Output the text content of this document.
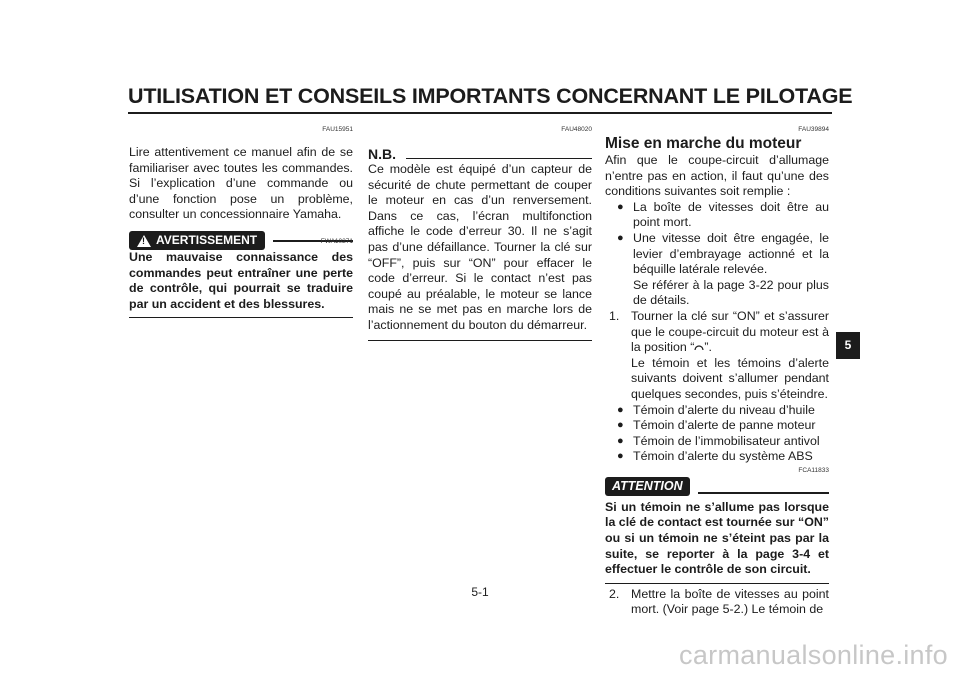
UTILISATION ET CONSEILS IMPORTANTS CONCERNANT LE PILOTAGE
FAU15951

Lire attentivement ce manuel afin de se familiariser avec toutes les commandes. Si l’explication d’une commande ou d’une fonction pose un problème, consulter un concessionnaire Yamaha.

!
AVERTISSEMENT	FWA10271

Une mauvaise connaissance des commandes peut entraîner une perte de contrôle, qui pourrait se traduire par un accident et des blessures.

FAU48020
N.B.

Ce modèle est équipé d’un capteur de sécurité de chute permettant de couper le moteur en cas d’un renversement. Dans ce cas, l’écran multifonction affiche le code d’erreur 30. Il ne s’agit pas d’une défaillance. Tourner la clé sur “OFF”, puis sur “ON” pour effacer le code d’erreur. Si le contact n’est pas coupé au préalable, le moteur se lance mais ne se met pas en marche lors de l’actionnement du bouton du démarreur.

FAU39894
Mise en marche du moteur

Afin que le coupe-circuit d’allumage n’entre pas en action, il faut qu’une des conditions suivantes soit remplie :

● La boîte de vitesses doit être au point mort.
● Une vitesse doit être engagée, le levier d’embrayage actionné et la béquille latérale relevée.
Se référer à la page 3-22 pour plus de détails.
1. Tourner la clé sur “ON” et s’assurer que le coupe-circuit du moteur est à la position “ ”.
Le témoin et les témoins d’alerte suivants doivent s’allumer pendant quelques secondes, puis s’éteindre.
● Témoin d’alerte du niveau d’huile
● Témoin d’alerte de panne moteur
● Témoin de l’immobilisateur antivol
● Témoin d’alerte du système ABS
FCA11833
ATTENTION

Si un témoin ne s’allume pas lorsque la clé de contact est tournée sur “ON” ou si un témoin ne s’éteint pas par la suite, se reporter à la page 3-4 et effectuer le contrôle de son circuit.

2. Mettre la boîte de vitesses au point mort. (Voir page 5-2.) Le témoin de
5
5-1
carmanualsonline.info
